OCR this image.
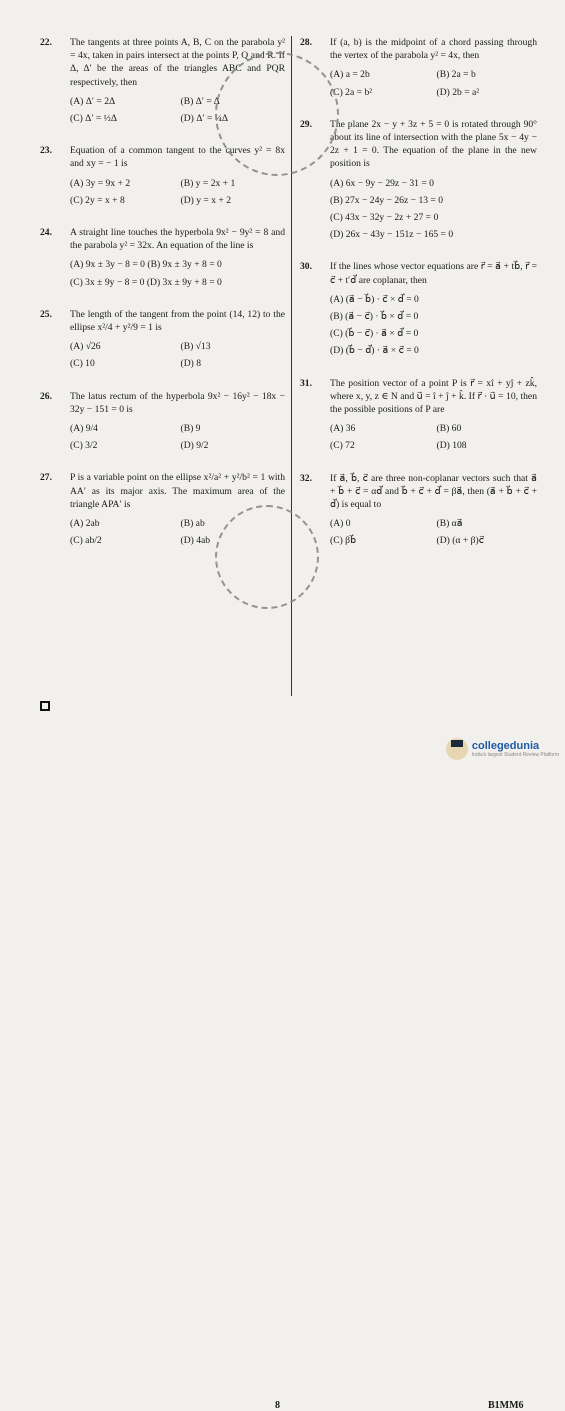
22. The tangents at three points A, B, C on the parabola y² = 4x, taken in pairs intersect at the points P, Q and R. If Δ, Δ′ be the areas of the triangles ABC and PQR respectively, then
(A) Δ′ = 2Δ	(B) Δ′ = Δ
(C) Δ′ = ½Δ	(D) Δ′ = ¼Δ
23. Equation of a common tangent to the curves y² = 8x and xy = − 1 is
(A) 3y = 9x + 2	(B) y = 2x + 1
(C) 2y = x + 8	(D) y = x + 2
24. A straight line touches the hyperbola 9x² − 9y² = 8 and the parabola y² = 32x. An equation of the line is
(A) 9x ± 3y − 8 = 0 (B) 9x ± 3y + 8 = 0
(C) 3x ± 9y − 8 = 0 (D) 3x ± 9y + 8 = 0
25. The length of the tangent from the point (14, 12) to the ellipse x²/4 + y²/9 = 1 is
(A) √26	(B) √13
(C) 10	(D) 8
26. The latus rectum of the hyperbola 9x² − 16y² − 18x − 32y − 151 = 0 is
(A) 9/4	(B) 9
(C) 3/2	(D) 9/2
27. P is a variable point on the ellipse x²/a² + y²/b² = 1 with AA′ as its major axis. The maximum area of the triangle APA′ is
(A) 2ab	(B) ab
(C) ab/2	(D) 4ab
28. If (a, b) is the midpoint of a chord passing through the vertex of the parabola y² = 4x, then
(A) a = 2b	(B) 2a = b
(C) 2a = b²	(D) 2b = a²
29. The plane 2x − y + 3z + 5 = 0 is rotated through 90° about its line of intersection with the plane 5x − 4y − 2z + 1 = 0. The equation of the plane in the new position is
(A) 6x − 9y − 29z − 31 = 0
(B) 27x − 24y − 26z − 13 = 0
(C) 43x − 32y − 2z + 27 = 0
(D) 26x − 43y − 151z − 165 = 0
30. If the lines whose vector equations are r⃗ = a⃗ + tb⃗, r⃗ = c⃗ + t′d⃗ are coplanar, then
(A) (a⃗ − b⃗) · c⃗ × d⃗ = 0
(B) (a⃗ − c⃗) · b⃗ × d⃗ = 0
(C) (b⃗ − c⃗) · a⃗ × d⃗ = 0
(D) (b⃗ − d⃗) · a⃗ × c⃗ = 0
31. The position vector of a point P is r⃗ = xî + yĵ + zk̂, where x, y, z ∈ N and u⃗ = î + ĵ + k̂. If r⃗ · u⃗ = 10, then the possible positions of P are
(A) 36	(B) 60
(C) 72	(D) 108
32. If a⃗, b⃗, c⃗ are three non-coplanar vectors such that a⃗ + b⃗ + c⃗ = αd⃗ and b⃗ + c⃗ + d⃗ = βa⃗, then (a⃗ + b⃗ + c⃗ + d⃗) is equal to
(A) 0	(B) αa⃗
(C) βb⃗	(D) (α + β)c⃗
8	B1MM6
collegedunia
India's largest Student Review Platform
